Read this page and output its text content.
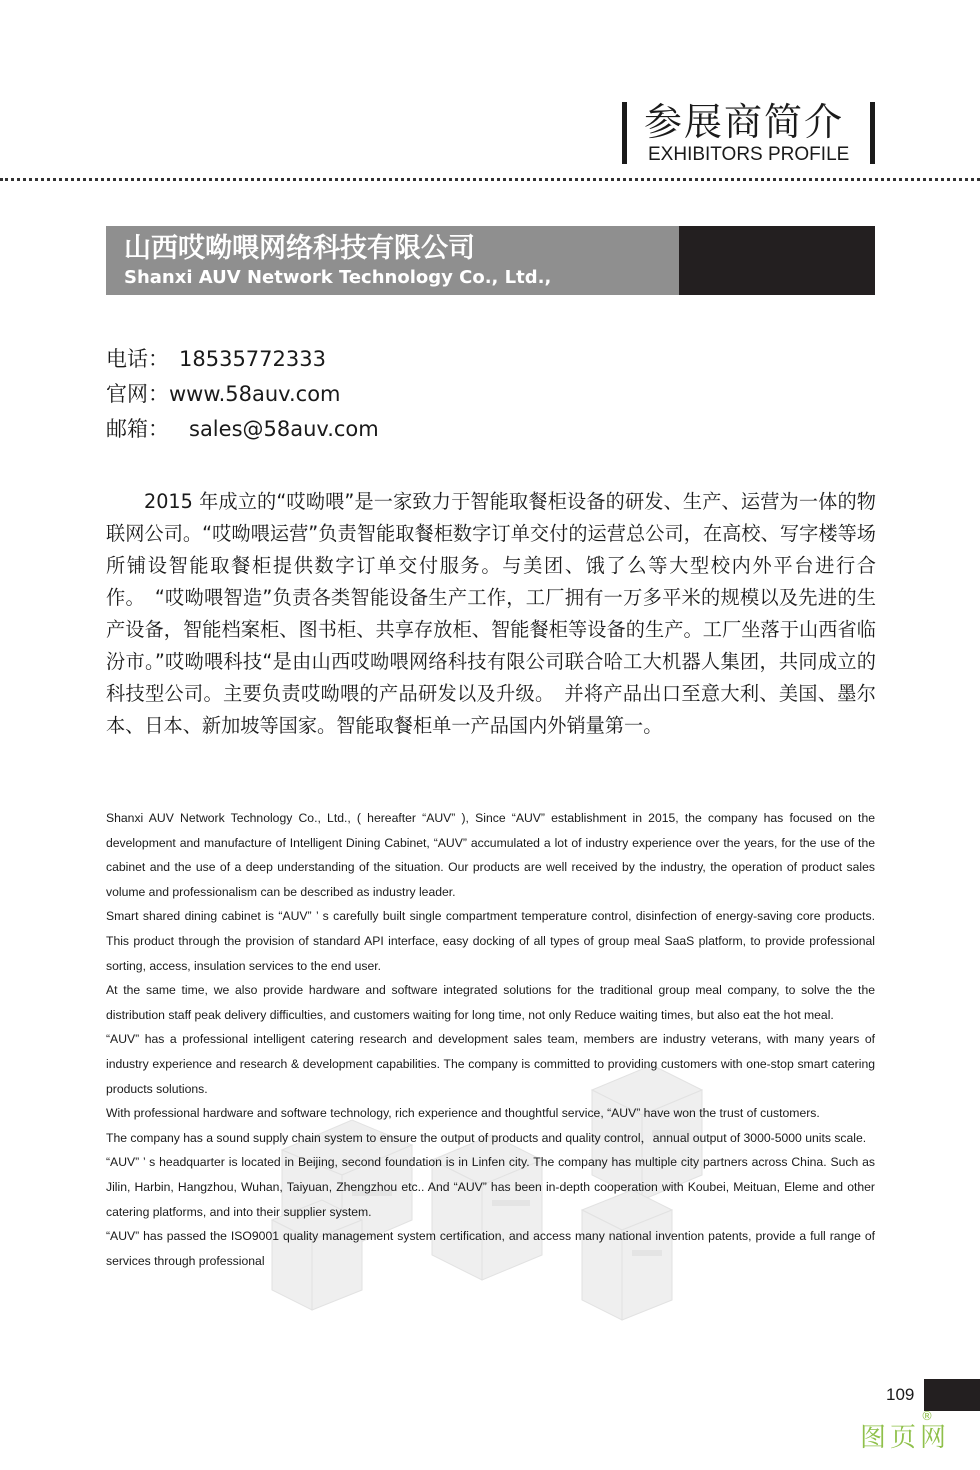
参展商简介
EXHIBITORS PROFILE
山西哎呦喂网络科技有限公司
Shanxi AUV Network Technology Co., Ltd.,
电话： 18535772333
官网：www.58auv.com
邮箱： sales@58auv.com

2015 年成立的“哎呦喂”是一家致力于智能取餐柜设备的研发、生产、运营为一体的物联网公司。“哎呦喂运营”负责智能取餐柜数字订单交付的运营总公司，在高校、写字楼等场所铺设智能取餐柜提供数字订单交付服务。与美团、饿了么等大型校内外平台进行合作。　“哎呦喂智造”负责各类智能设备生产工作，工厂拥有一万多平米的规模以及先进的生产设备，智能档案柜、图书柜、共享存放柜、智能餐柜等设备的生产。工厂坐落于山西省临汾市。”哎呦喂科技“是由山西哎呦喂网络科技有限公司联合哈工大机器人集团，共同成立的科技型公司。主要负责哎呦喂的产品研发以及升级。　并将产品出口至意大利、美国、墨尔本、日本、新加坡等国家。智能取餐柜单一产品国内外销量第一。

Shanxi AUV Network Technology Co., Ltd., ( hereafter “AUV” ), Since “AUV” establishment in 2015, the company has focused on the development and manufacture of Intelligent Dining Cabinet, “AUV” accumulated a lot of industry experience over the years, for the use of the cabinet and the use of a deep understanding of the situation. Our products are well received by the industry, the operation of product sales volume and professionalism can be described as industry leader.

Smart shared dining cabinet is “AUV” ’ s carefully built single compartment temperature control, disinfection of energy-saving core products. This product through the provision of standard API interface, easy docking of all types of group meal SaaS platform, to provide professional sorting, access, insulation services to the end user.

At the same time, we also provide hardware and software integrated solutions for the traditional group meal company, to solve the the distribution staff peak delivery difficulties, and customers waiting for long time, not only Reduce waiting times, but also eat the hot meal.

“AUV” has a professional intelligent catering research and development sales team, members are industry veterans, with many years of industry experience and research & development capabilities. The company is committed to providing customers with one-stop smart catering products solutions.

With professional hardware and software technology, rich experience and thoughtful service, “AUV” have won the trust of customers.

The company has a sound supply chain system to ensure the output of products and quality control，annual output of 3000-5000 units scale.

“AUV” ’ s headquarter is located in Beijing, second foundation is in Linfen city. The company has multiple city partners across China. Such as Jilin, Harbin, Hangzhou, Wuhan, Taiyuan, Zhengzhou etc.. And “AUV” has been in-depth cooperation with Koubei, Meituan, Eleme and other catering platforms, and into their supplier system.

“AUV” has passed the ISO9001 quality management system certification, and access many national invention patents, provide a full range of services through professional

109
®
图页网
